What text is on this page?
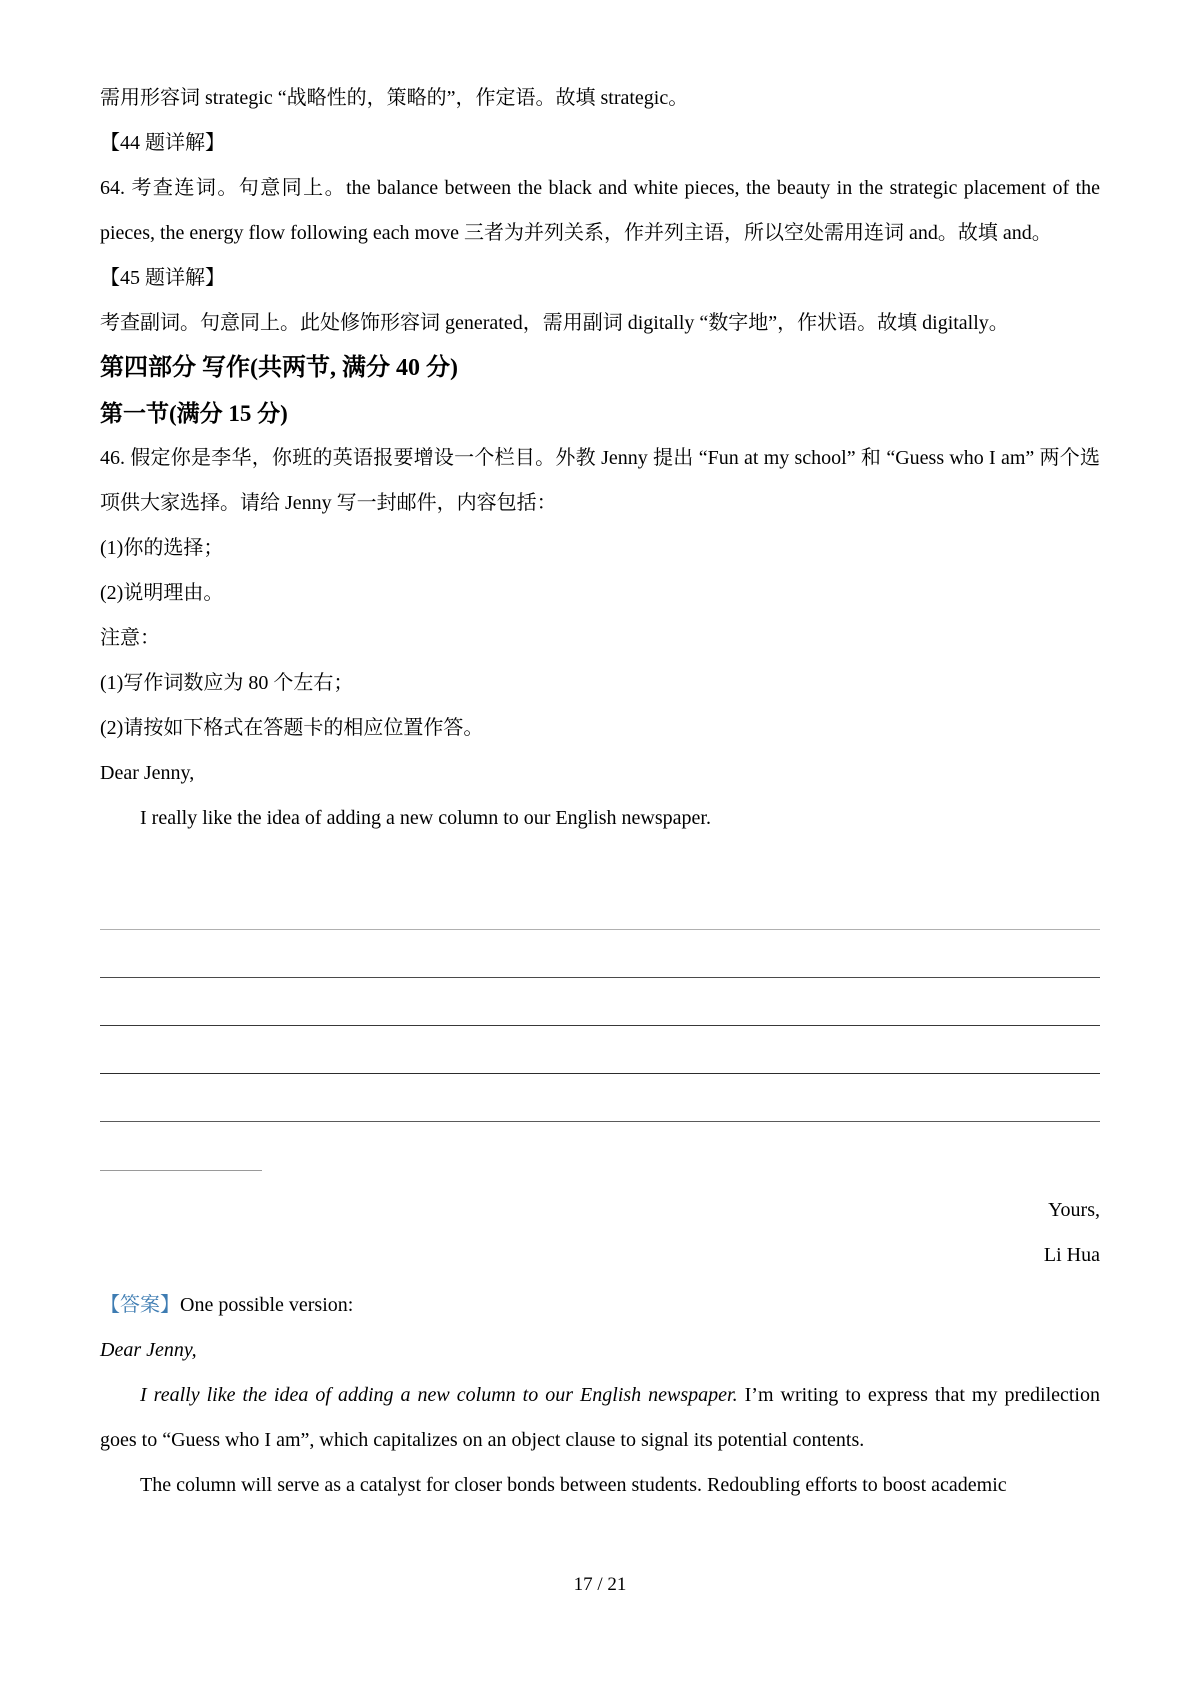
需用形容词 strategic “战略性的，策略的”，作定语。故填 strategic。

【44 题详解】

64. 考查连词。句意同上。the balance between the black and white pieces, the beauty in the strategic placement of the pieces, the energy flow following each move 三者为并列关系，作并列主语，所以空处需用连词 and。故填 and。

【45 题详解】

考查副词。句意同上。此处修饰形容词 generated，需用副词 digitally “数字地”，作状语。故填 digitally。

第四部分 写作(共两节, 满分 40 分)
第一节(满分 15 分)

46. 假定你是李华，你班的英语报要增设一个栏目。外教 Jenny 提出 “Fun at my school” 和 “Guess who I am” 两个选项供大家选择。请给 Jenny 写一封邮件，内容包括：

(1)你的选择；

(2)说明理由。

注意：

(1)写作词数应为 80 个左右；

(2)请按如下格式在答题卡的相应位置作答。

Dear Jenny,

I really like the idea of adding a new column to our English newspaper.

Yours,

Li Hua

【答案】One possible version:

Dear Jenny,

I really like the idea of adding a new column to our English newspaper. I’m writing to express that my predilection goes to “Guess who I am”, which capitalizes on an object clause to signal its potential contents.

The column will serve as a catalyst for closer bonds between students. Redoubling efforts to boost academic

17 / 21
